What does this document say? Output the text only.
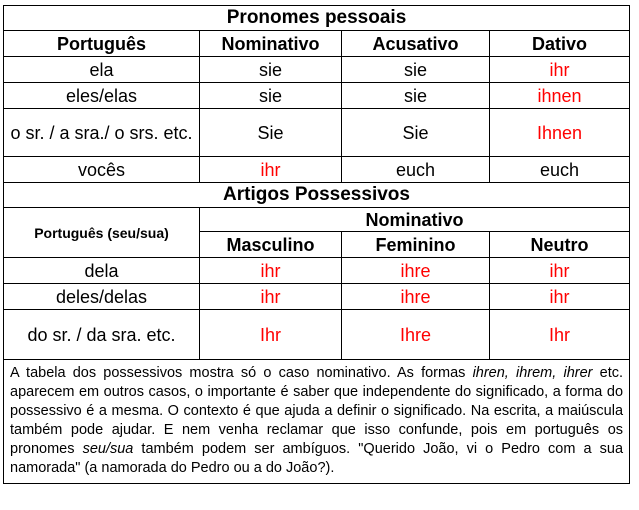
Pronomes pessoais			
Português	Nominativo	Acusativo	Dativo
ela	sie	sie	ihr
eles/elas	sie	sie	ihnen
o sr. / a sra./ o srs. etc.	Sie	Sie	Ihnen
vocês	ihr	euch	euch
Artigos Possessivos			
Português (seu/sua)	Nominativo		
	Masculino	Feminino	Neutro
dela	ihr	ihre	ihr
deles/delas	ihr	ihre	ihr
do sr. / da sra. etc.	Ihr	Ihre	Ihr
A tabela dos possessivos mostra só o caso nominativo. As formas ihren, ihrem, ihrer etc. aparecem em outros casos, o importante é saber que independente do significado, a forma do possessivo é a mesma. O contexto é que ajuda a definir o significado. Na escrita, a maiúscula também pode ajudar. E nem venha reclamar que isso confunde, pois em português os pronomes seu/sua também podem ser ambíguos. "Querido João, vi o Pedro com a sua namorada" (a namorada do Pedro ou a do João?).			
